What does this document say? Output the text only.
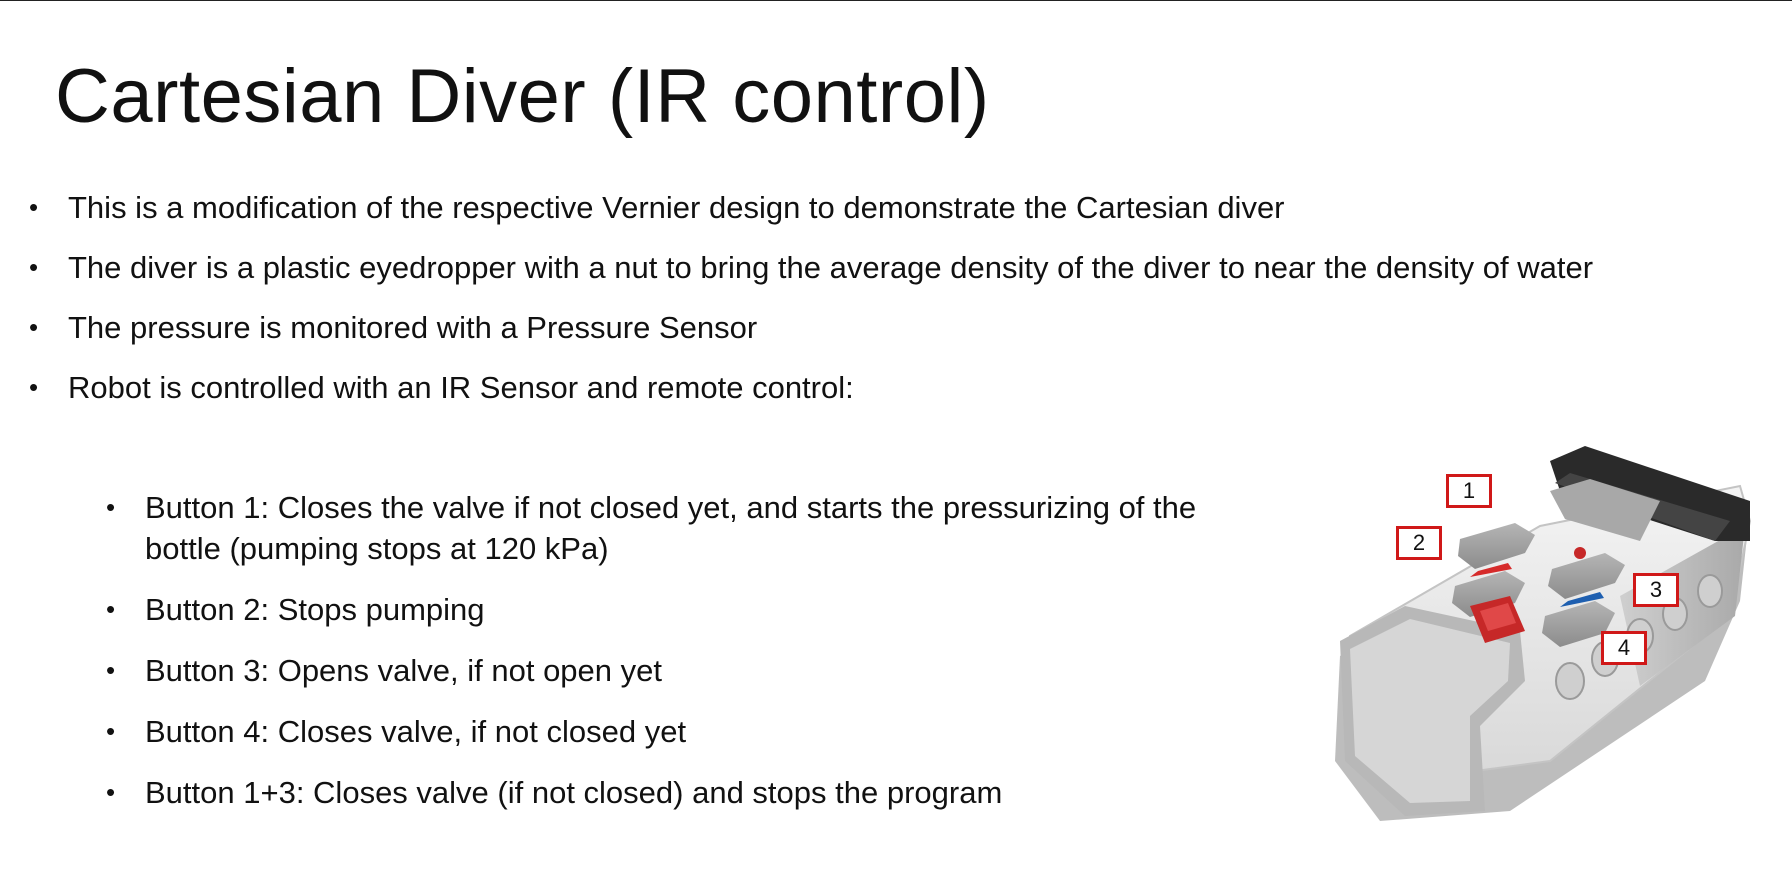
Cartesian Diver (IR control)
• This is a modification of the respective Vernier design to demonstrate the Cartesian diver
• The diver is a plastic eyedropper with a nut to bring the average density of the diver to near the density of water
• The pressure is monitored with a Pressure Sensor
• Robot is controlled with an IR Sensor and remote control:
• Button 1: Closes the valve if not closed yet, and starts the pressurizing of the bottle (pumping stops at 120 kPa)
• Button 2: Stops pumping
• Button 3: Opens valve, if not open yet
• Button 4: Closes valve, if not closed yet
• Button 1+3: Closes valve (if not closed) and stops the program
1
2
3
4
